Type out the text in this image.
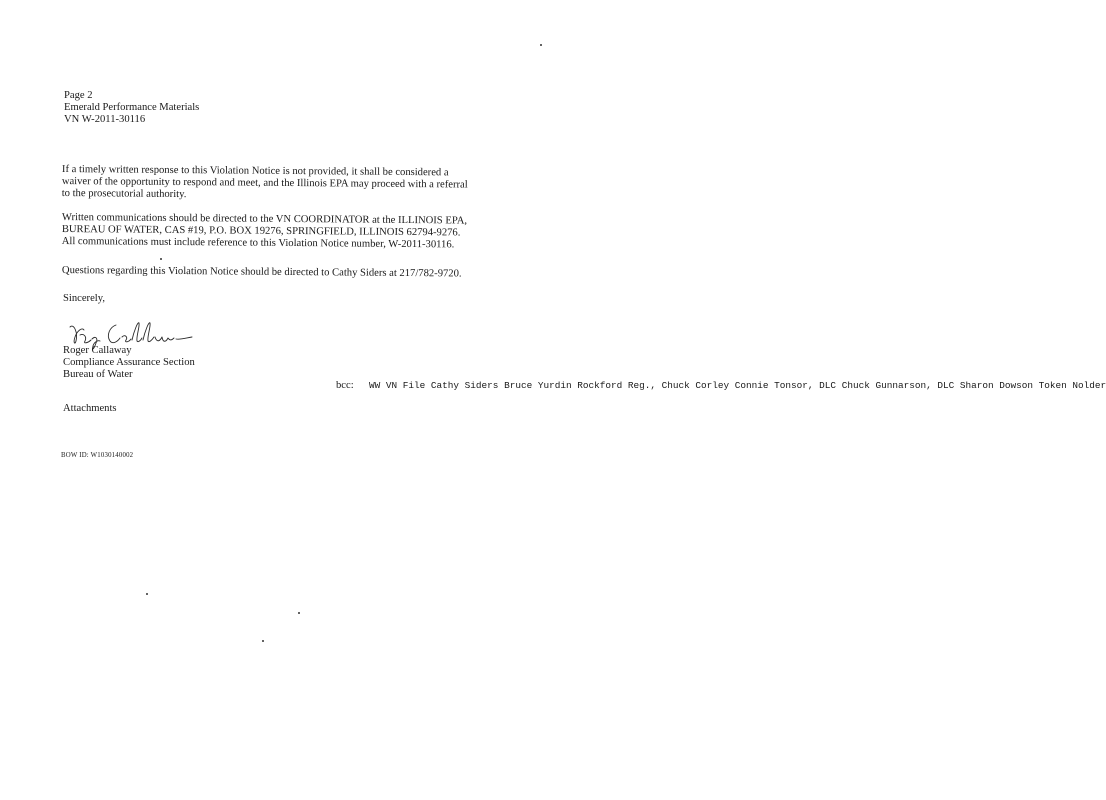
Page 2
Emerald Performance Materials
VN W-2011-30116
If a timely written response to this Violation Notice is not provided, it shall be considered a
waiver of the opportunity to respond and meet, and the Illinois EPA may proceed with a referral
to the prosecutorial authority.
Written communications should be directed to the VN COORDINATOR at the ILLINOIS EPA,
BUREAU OF WATER, CAS #19, P.O. BOX 19276, SPRINGFIELD, ILLINOIS 62794-9276.
All communications must include reference to this Violation Notice number, W-2011-30116.
Questions regarding this Violation Notice should be directed to Cathy Siders at 217/782-9720.
Sincerely,
Roger Callaway
Compliance Assurance Section
Bureau of Water
Attachments
BOW ID: W1030140002
bcc: WW VN File Cathy Siders Bruce Yurdin Rockford Reg., Chuck Corley Connie Tonsor, DLC Chuck Gunnarson, DLC Sharon Dowson Token Nolder
